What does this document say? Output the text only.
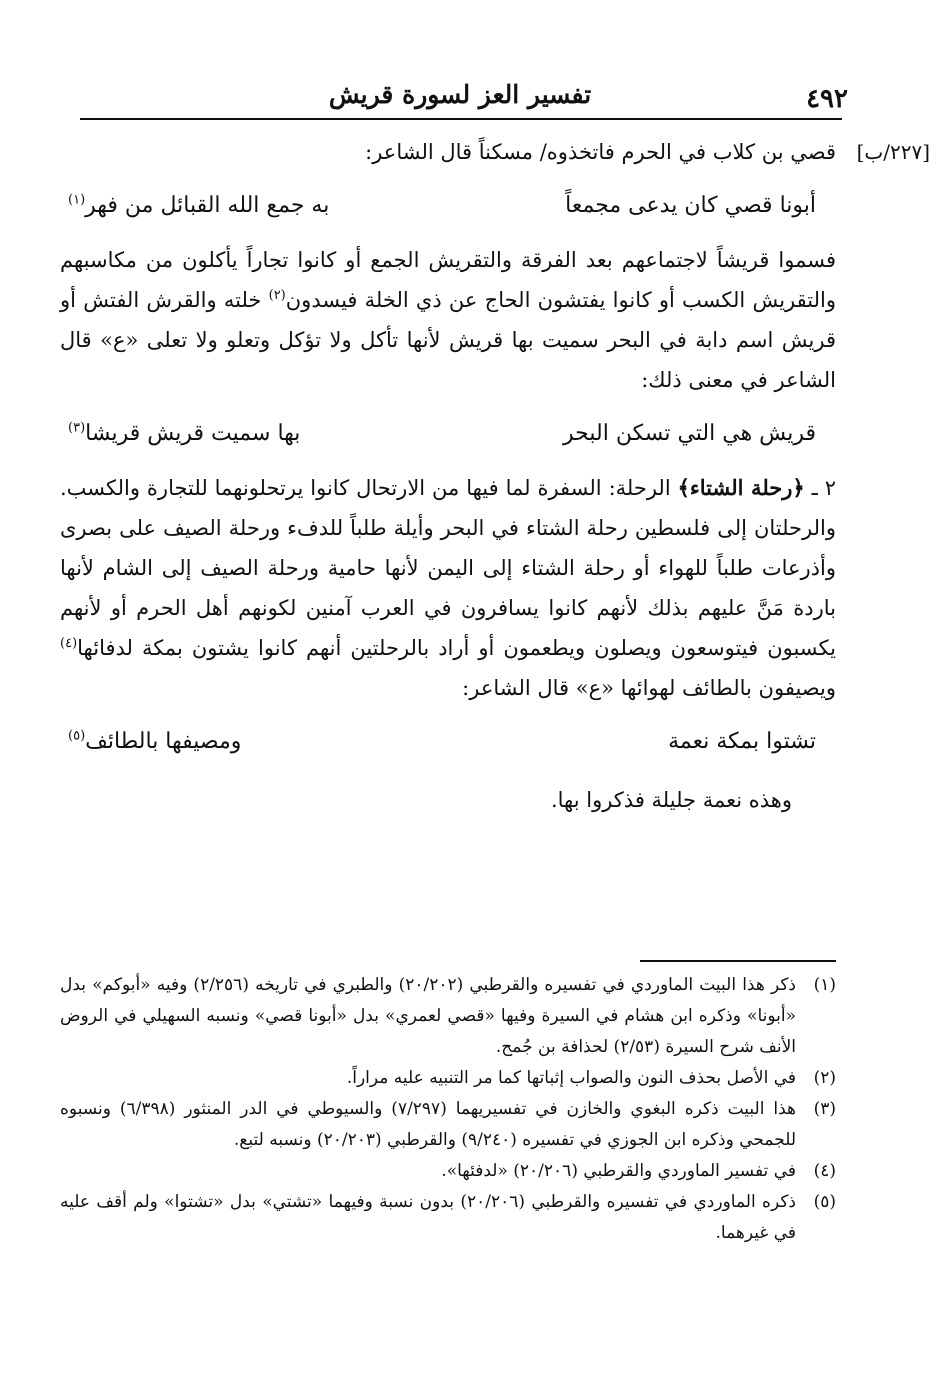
٤٩٢
تفسير العز لسورة قريش
[٢٢٧/ب]

قصي بن كلاب في الحرم فاتخذوه/ مسكناً قال الشاعر:

أبونا قصي كان يدعى مجمعاً
به جمع الله القبائل من فهر$^{(١)}$

فسموا قريشاً لاجتماعهم بعد الفرقة والتقريش الجمع أو كانوا تجاراً يأكلون من مكاسبهم والتقريش الكسب أو كانوا يفتشون الحاج عن ذي الخلة فيسدون$^{(٢)}$ خلته والقرش الفتش أو قريش اسم دابة في البحر سميت بها قريش لأنها تأكل ولا تؤكل وتعلو ولا تعلى «ع» قال الشاعر في معنى ذلك:

قريش هي التي تسكن البحر
بها سميت قريش قريشا$^{(٣)}$

٢ ـ ﴿رحلة الشتاء﴾ الرحلة: السفرة لما فيها من الارتحال كانوا يرتحلونهما للتجارة والكسب. والرحلتان إلى فلسطين رحلة الشتاء في البحر وأيلة طلباً للدفء ورحلة الصيف على بصرى وأذرعات طلباً للهواء أو رحلة الشتاء إلى اليمن لأنها حامية ورحلة الصيف إلى الشام لأنها باردة مَنَّ عليهم بذلك لأنهم كانوا يسافرون في العرب آمنين لكونهم أهل الحرم أو لأنهم يكسبون فيتوسعون ويصلون ويطعمون أو أراد بالرحلتين أنهم كانوا يشتون بمكة لدفائها$^{(٤)}$ ويصيفون بالطائف لهوائها «ع» قال الشاعر:

تشتوا بمكة نعمة
ومصيفها بالطائف$^{(٥)}$

وهذه نعمة جليلة فذكروا بها.

(١)
ذكر هذا البيت الماوردي في تفسيره والقرطبي (٢٠/٢٠٢) والطبري في تاريخه (٢/٢٥٦) وفيه «أبوكم» بدل «أبونا» وذكره ابن هشام في السيرة وفيها «قصي لعمري» بدل «أبونا قصي» ونسبه السهيلي في الروض الأنف شرح السيرة (٢/٥٣) لحذافة بن جُمح.
(٢)
في الأصل بحذف النون والصواب إثباتها كما مر التنبيه عليه مراراً.
(٣)
هذا البيت ذكره البغوي والخازن في تفسيريهما (٧/٢٩٧) والسيوطي في الدر المنثور (٦/٣٩٨) ونسبوه للجمحي وذكره ابن الجوزي في تفسيره (٩/٢٤٠) والقرطبي (٢٠/٢٠٣) ونسبه لتبع.
(٤)
في تفسير الماوردي والقرطبي (٢٠/٢٠٦) «لدفئها».
(٥)
ذكره الماوردي في تفسيره والقرطبي (٢٠/٢٠٦) بدون نسبة وفيهما «تشتي» بدل «تشتوا» ولم أقف عليه في غيرهما.
